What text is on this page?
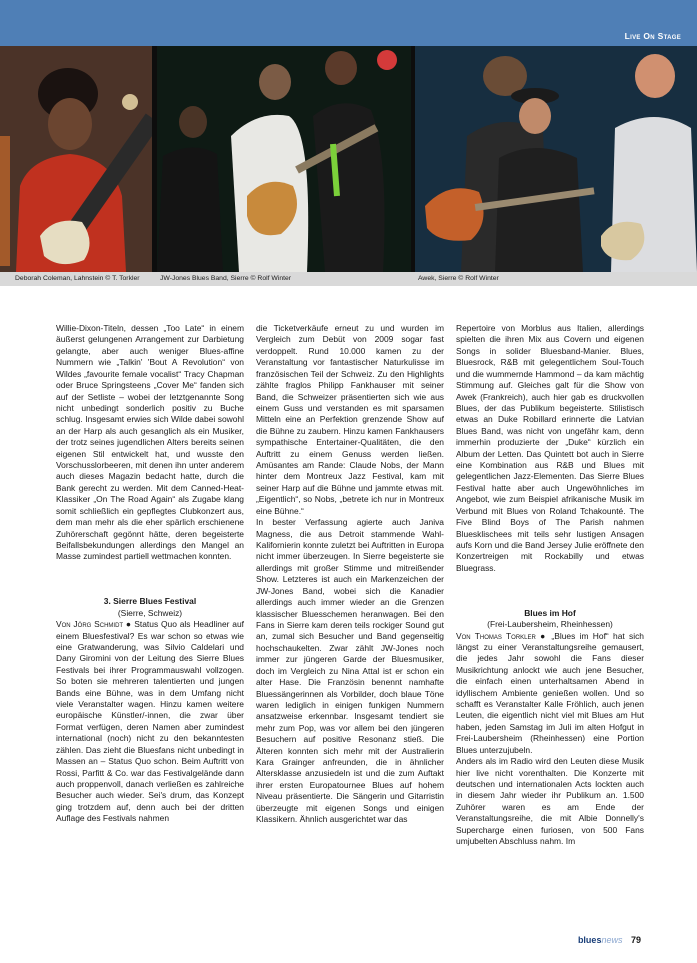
Live On Stage
Deborah Coleman, Lahnstein © T. Torkler	JW-Jones Blues Band, Sierre © Rolf Winter	Awek, Sierre © Rolf Winter

Willie-Dixon-Titeln, dessen „Too Late“ in einem äußerst gelungenen Arrangement zur Darbietung gelangte, aber auch weniger Blues-affine Nummern wie „Talkin' 'Bout A Revolution“ von Wildes „favourite female vocalist“ Tracy Chapman oder Bruce Springsteens „Cover Me“ fanden sich auf der Setliste – wobei der letztgenannte Song nicht unbedingt sonderlich positiv zu Buche schlug. Insgesamt erwies sich Wilde dabei sowohl an der Harp als auch gesanglich als ein Musiker, der trotz seines jugendlichen Alters bereits seinen eigenen Stil entwickelt hat, und wusste den Vorschusslorbeeren, mit denen ihn unter anderem auch dieses Magazin bedacht hatte, durch die Bank gerecht zu werden. Mit dem Canned-Heat-Klassiker „On The Road Again“ als Zugabe klang somit schließlich ein gepflegtes Clubkonzert aus, dem man mehr als die eher spärlich erschienene Zuhörerschaft gegönnt hätte, deren begeisterte Beifallsbekundungen allerdings den Mangel an Masse zumindest partiell wettmachen konnten.

3. Sierre Blues Festival

(Sierre, Schweiz)

Von Jörg Schmidt ● Status Quo als Headliner auf einem Bluesfestival? Es war schon so etwas wie eine Gratwanderung, was Silvio Caldelari und Dany Giromini von der Leitung des Sierre Blues Festivals bei ihrer Programmauswahl vollzogen. So boten sie mehreren talentierten und jungen Bands eine Bühne, was in dem Umfang nicht viele Veranstalter wagen. Hinzu kamen weitere europäische Künstler/-innen, die zwar über Format verfügen, deren Namen aber zumindest international (noch) nicht zu den bekanntesten zählen. Das zieht die Bluesfans nicht unbedingt in Massen an – Status Quo schon. Beim Auftritt von Rossi, Parfitt & Co. war das Festivalgelände dann auch proppenvoll, danach verließen es zahlreiche Besucher auch wieder. Sei's drum, das Konzept ging trotzdem auf, denn auch bei der dritten Auflage des Festivals nahmen

die Ticketverkäufe erneut zu und wurden im Vergleich zum Debüt von 2009 sogar fast verdoppelt. Rund 10.000 kamen zu der Veranstaltung vor fantastischer Naturkulisse im französischen Teil der Schweiz. Zu den Highlights zählte fraglos Philipp Fankhauser mit seiner Band, die Schweizer präsentierten sich wie aus einem Guss und verstanden es mit sparsamen Mitteln eine an Perfektion grenzende Show auf die Bühne zu zaubern. Hinzu kamen Fankhausers sympathische Entertainer-Qualitäten, die den Auftritt zu einem Genuss werden ließen. Amüsantes am Rande: Claude Nobs, der Mann hinter dem Montreux Jazz Festival, kam mit seiner Harp auf die Bühne und jammte etwas mit. „Eigentlich“, so Nobs, „betrete ich nur in Montreux eine Bühne.“

In bester Verfassung agierte auch Janiva Magness, die aus Detroit stammende Wahl-Kalifornierin konnte zuletzt bei Auftritten in Europa nicht immer überzeugen. In Sierre begeisterte sie allerdings mit großer Stimme und mitreißender Show. Letzteres ist auch ein Markenzeichen der JW-Jones Band, wobei sich die Kanadier allerdings auch immer wieder an die Grenzen klassischer Bluesschemen heranwagen. Bei den Fans in Sierre kam deren teils rockiger Sound gut an, zumal sich Besucher und Band gegenseitig hochschaukelten. Zwar zählt JW-Jones noch immer zur jüngeren Garde der Bluesmusiker, doch im Vergleich zu Nina Attal ist er schon ein alter Hase. Die Französin benennt namhafte Bluessängerinnen als Vorbilder, doch blaue Töne waren lediglich in einigen funkigen Nummern ansatzweise erkennbar. Insgesamt tendiert sie mehr zum Pop, was vor allem bei den jüngeren Besuchern auf positive Resonanz stieß. Die Älteren konnten sich mehr mit der Australierin Kara Grainger anfreunden, die in ähnlicher Altersklasse anzusiedeln ist und die zum Auftakt ihrer ersten Europatournee Blues auf hohem Niveau präsentierte. Die Sängerin und Gitarristin überzeugte mit eigenen Songs und einigen Klassikern. Ähnlich ausgerichtet war das

Repertoire von Morblus aus Italien, allerdings spielten die ihren Mix aus Covern und eigenen Songs in solider Bluesband-Manier. Blues, Bluesrock, R&B mit gelegentlichem Soul-Touch und die wummernde Hammond – da kam mächtig Stimmung auf. Gleiches galt für die Show von Awek (Frankreich), auch hier gab es druckvollen Blues, der das Publikum begeisterte. Stilistisch etwas an Duke Robillard erinnerte die Latvian Blues Band, was nicht von ungefähr kam, denn immerhin produzierte der „Duke“ kürzlich ein Album der Letten. Das Quintett bot auch in Sierre eine Kombination aus R&B und Blues mit gelegentlichen Jazz-Elementen. Das Sierre Blues Festival hatte aber auch Ungewöhnliches im Angebot, wie zum Beispiel afrikanische Musik im Verbund mit Blues von Roland Tchakounté. The Five Blind Boys of The Parish nahmen Bluesklischees mit teils sehr lustigen Ansagen aufs Korn und die Band Jersey Julie eröffnete den Konzertreigen mit Rockabilly und etwas Bluegrass.

Blues im Hof

(Frei-Laubersheim, Rheinhessen)

Von Thomas Torkler ● „Blues im Hof“ hat sich längst zu einer Veranstaltungsreihe gemausert, die jedes Jahr sowohl die Fans dieser Musikrichtung anlockt wie auch jene Besucher, die einfach einen unterhaltsamen Abend in idyllischem Ambiente genießen wollen. Und so schafft es Veranstalter Kalle Fröhlich, auch jenen Leuten, die eigentlich nicht viel mit Blues am Hut haben, jeden Samstag im Juli im alten Hofgut in Frei-Laubersheim (Rheinhessen) eine Portion Blues unterzujubeln.

Anders als im Radio wird den Leuten diese Musik hier live nicht vorenthalten. Die Konzerte mit deutschen und internationalen Acts lockten auch in diesem Jahr wieder ihr Publikum an. 1.500 Zuhörer waren es am Ende der Veranstaltungsreihe, die mit Albie Donnelly's Supercharge einen furiosen, von 500 Fans umjubelten Abschluss nahm. Im

bluesnews 79
